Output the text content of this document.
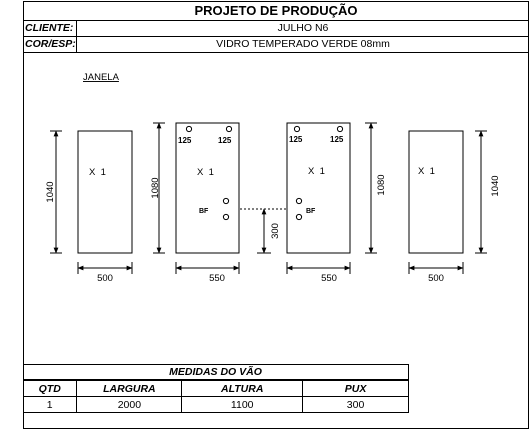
PROJETO DE PRODUÇÃO
CLIENTE:	JULHO N6
COR/ESP:	VIDRO TEMPERADO VERDE 08mm
JANELA
X  1
1040
500
125	125
X  1
BF
1080
550
300
125	125
X  1
BF
1080
550
X  1
1040
500
MEDIDAS DO VÃO
QTD	LARGURA	ALTURA	PUX
1	2000	1100	300
